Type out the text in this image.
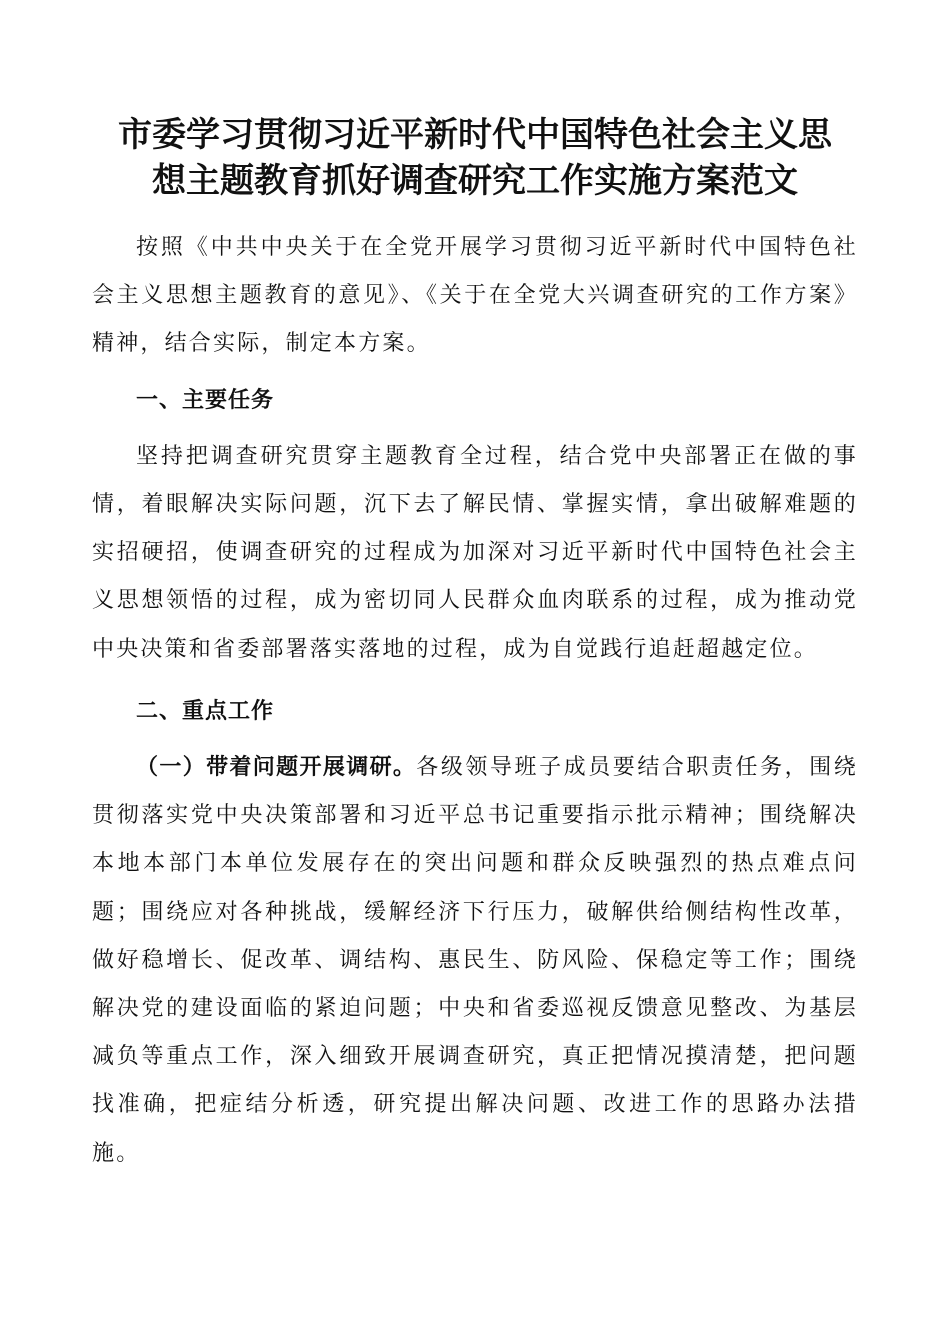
市委学习贯彻习近平新时代中国特色社会主义思
想主题教育抓好调查研究工作实施方案范文

按照《中共中央关于在全党开展学习贯彻习近平新时代中国特色社会主义思想主题教育的意见》、《关于在全党大兴调查研究的工作方案》精神，结合实际，制定本方案。

一、主要任务

坚持把调查研究贯穿主题教育全过程，结合党中央部署正在做的事情，着眼解决实际问题，沉下去了解民情、掌握实情，拿出破解难题的实招硬招，使调查研究的过程成为加深对习近平新时代中国特色社会主义思想领悟的过程，成为密切同人民群众血肉联系的过程，成为推动党中央决策和省委部署落实落地的过程，成为自觉践行追赶超越定位。

二、重点工作

（一）带着问题开展调研。各级领导班子成员要结合职责任务，围绕贯彻落实党中央决策部署和习近平总书记重要指示批示精神；围绕解决本地本部门本单位发展存在的突出问题和群众反映强烈的热点难点问题；围绕应对各种挑战，缓解经济下行压力，破解供给侧结构性改革，做好稳增长、促改革、调结构、惠民生、防风险、保稳定等工作；围绕解决党的建设面临的紧迫问题；中央和省委巡视反馈意见整改、为基层减负等重点工作，深入细致开展调查研究，真正把情况摸清楚，把问题找准确，把症结分析透，研究提出解决问题、改进工作的思路办法措施。
